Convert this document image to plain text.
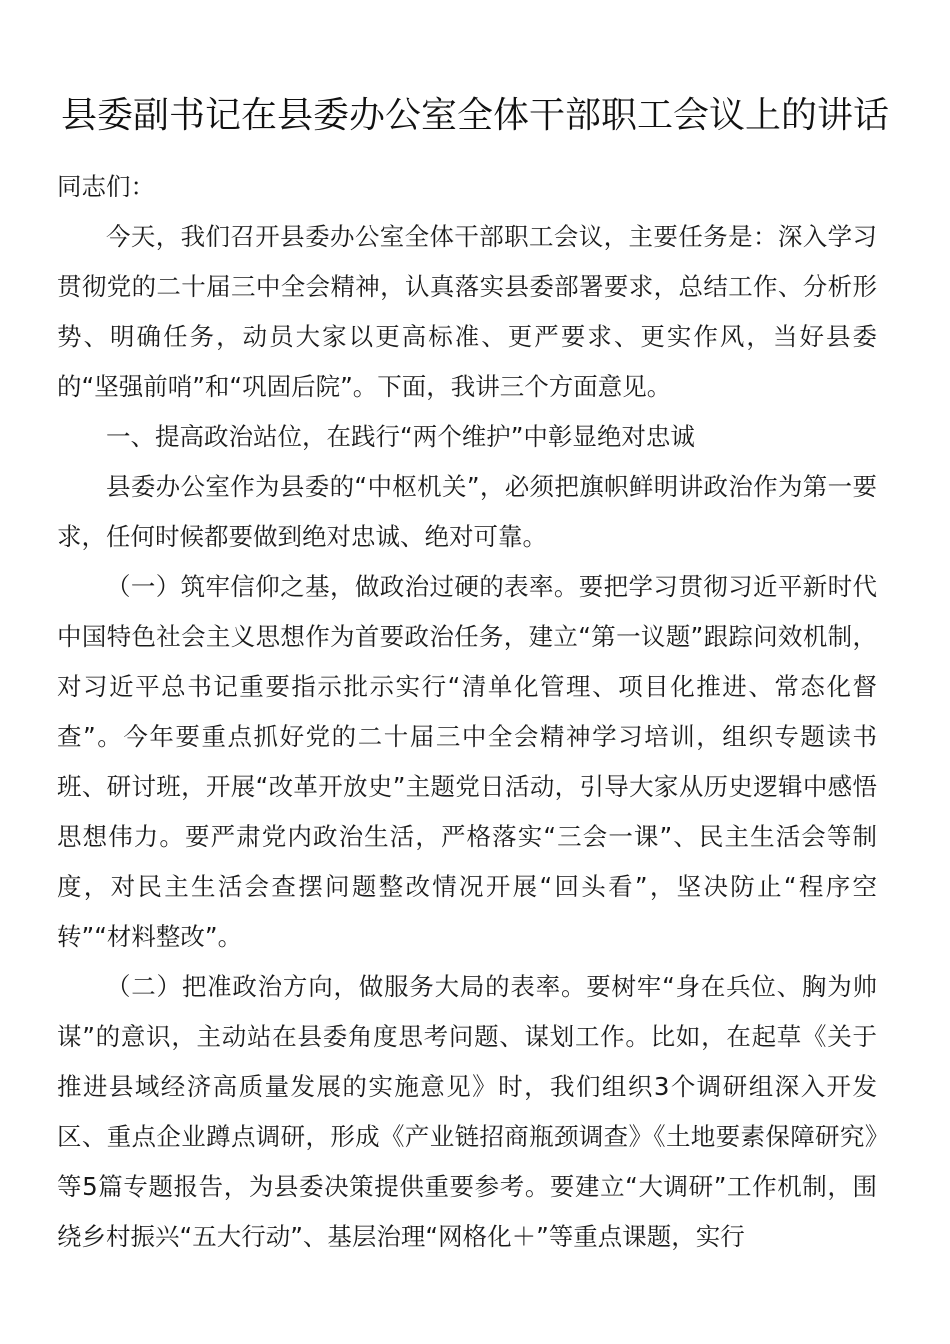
县委副书记在县委办公室全体干部职工会议上的讲话

同志们：

今天，我们召开县委办公室全体干部职工会议，主要任务是：深入学习贯彻党的二十届三中全会精神，认真落实县委部署要求，总结工作、分析形势、明确任务，动员大家以更高标准、更严要求、更实作风，当好县委的“坚强前哨”和“巩固后院”。下面，我讲三个方面意见。

一、提高政治站位，在践行“两个维护”中彰显绝对忠诚

县委办公室作为县委的“中枢机关”，必须把旗帜鲜明讲政治作为第一要求，任何时候都要做到绝对忠诚、绝对可靠。

（一）筑牢信仰之基，做政治过硬的表率。要把学习贯彻习近平新时代中国特色社会主义思想作为首要政治任务，建立“第一议题”跟踪问效机制，对习近平总书记重要指示批示实行“清单化管理、项目化推进、常态化督查”。今年要重点抓好党的二十届三中全会精神学习培训，组织专题读书班、研讨班，开展“改革开放史”主题党日活动，引导大家从历史逻辑中感悟思想伟力。要严肃党内政治生活，严格落实“三会一课”、民主生活会等制度，对民主生活会查摆问题整改情况开展“回头看”，坚决防止“程序空转”“材料整改”。

（二）把准政治方向，做服务大局的表率。要树牢“身在兵位、胸为帅谋”的意识，主动站在县委角度思考问题、谋划工作。比如，在起草《关于推进县域经济高质量发展的实施意见》时，我们组织3个调研组深入开发区、重点企业蹲点调研，形成《产业链招商瓶颈调查》《土地要素保障研究》等5篇专题报告，为县委决策提供重要参考。要建立“大调研”工作机制，围绕乡村振兴“五大行动”、基层治理“网格化＋”等重点课题，实行
